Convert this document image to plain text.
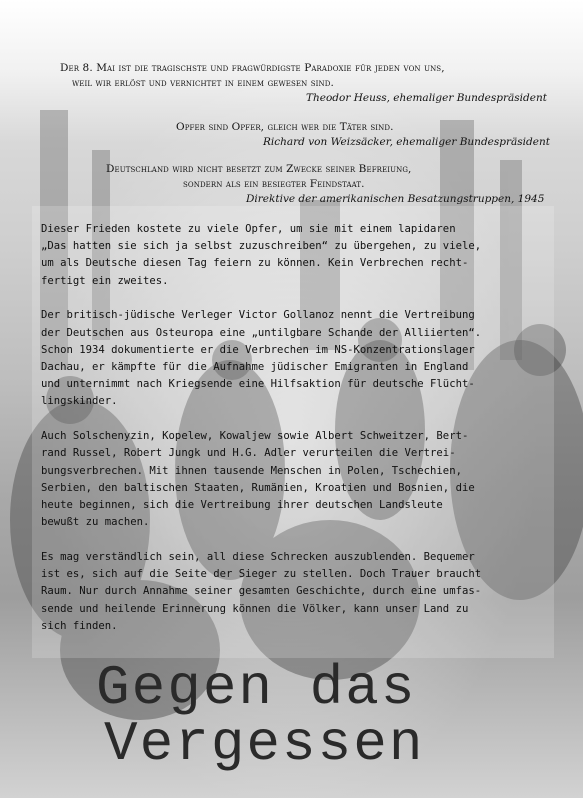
Der 8. Mai ist die tragischste und fragwürdigste Paradoxie für jeden von uns,
weil wir erlöst und vernichtet in einem gewesen sind.
Theodor Heuss, ehemaliger Bundespräsident
Opfer sind Opfer, gleich wer die Täter sind.
Richard von Weizsäcker, ehemaliger Bundespräsident
Deutschland wird nicht besetzt zum Zwecke seiner Befreiung,
sondern als ein besiegter Feindstaat.
Direktive der amerikanischen Besatzungstruppen, 1945
Dieser Frieden kostete zu viele Opfer, um sie mit einem lapidaren
„Das hatten sie sich ja selbst zuzuschreiben“ zu übergehen, zu viele,
um als Deutsche diesen Tag feiern zu können. Kein Verbrechen recht-
fertigt ein zweites.
Der britisch-jüdische Verleger Victor Gollanoz nennt die Vertreibung
der Deutschen aus Osteuropa eine „untilgbare Schande der Alliierten“.
Schon 1934 dokumentierte er die Verbrechen im NS-Konzentrationslager
Dachau, er kämpfte für die Aufnahme jüdischer Emigranten in England
und unternimmt nach Kriegsende eine Hilfsaktion für deutsche Flücht-
lingskinder.
Auch Solschenyzin, Kopelew, Kowaljew sowie Albert Schweitzer, Bert-
rand Russel, Robert Jungk und H.G. Adler verurteilen die Vertrei-
bungsverbrechen. Mit ihnen tausende Menschen in Polen, Tschechien,
Serbien, den baltischen Staaten, Rumänien, Kroatien und Bosnien, die
heute beginnen, sich die Vertreibung ihrer deutschen Landsleute
bewußt zu machen.
Es mag verständlich sein, all diese Schrecken auszublenden. Bequemer
ist es, sich auf die Seite der Sieger zu stellen. Doch Trauer braucht
Raum. Nur durch Annahme seiner gesamten Geschichte, durch eine umfas-
sende und heilende Erinnerung können die Völker, kann unser Land zu
sich finden.
Gegen das
Vergessen
